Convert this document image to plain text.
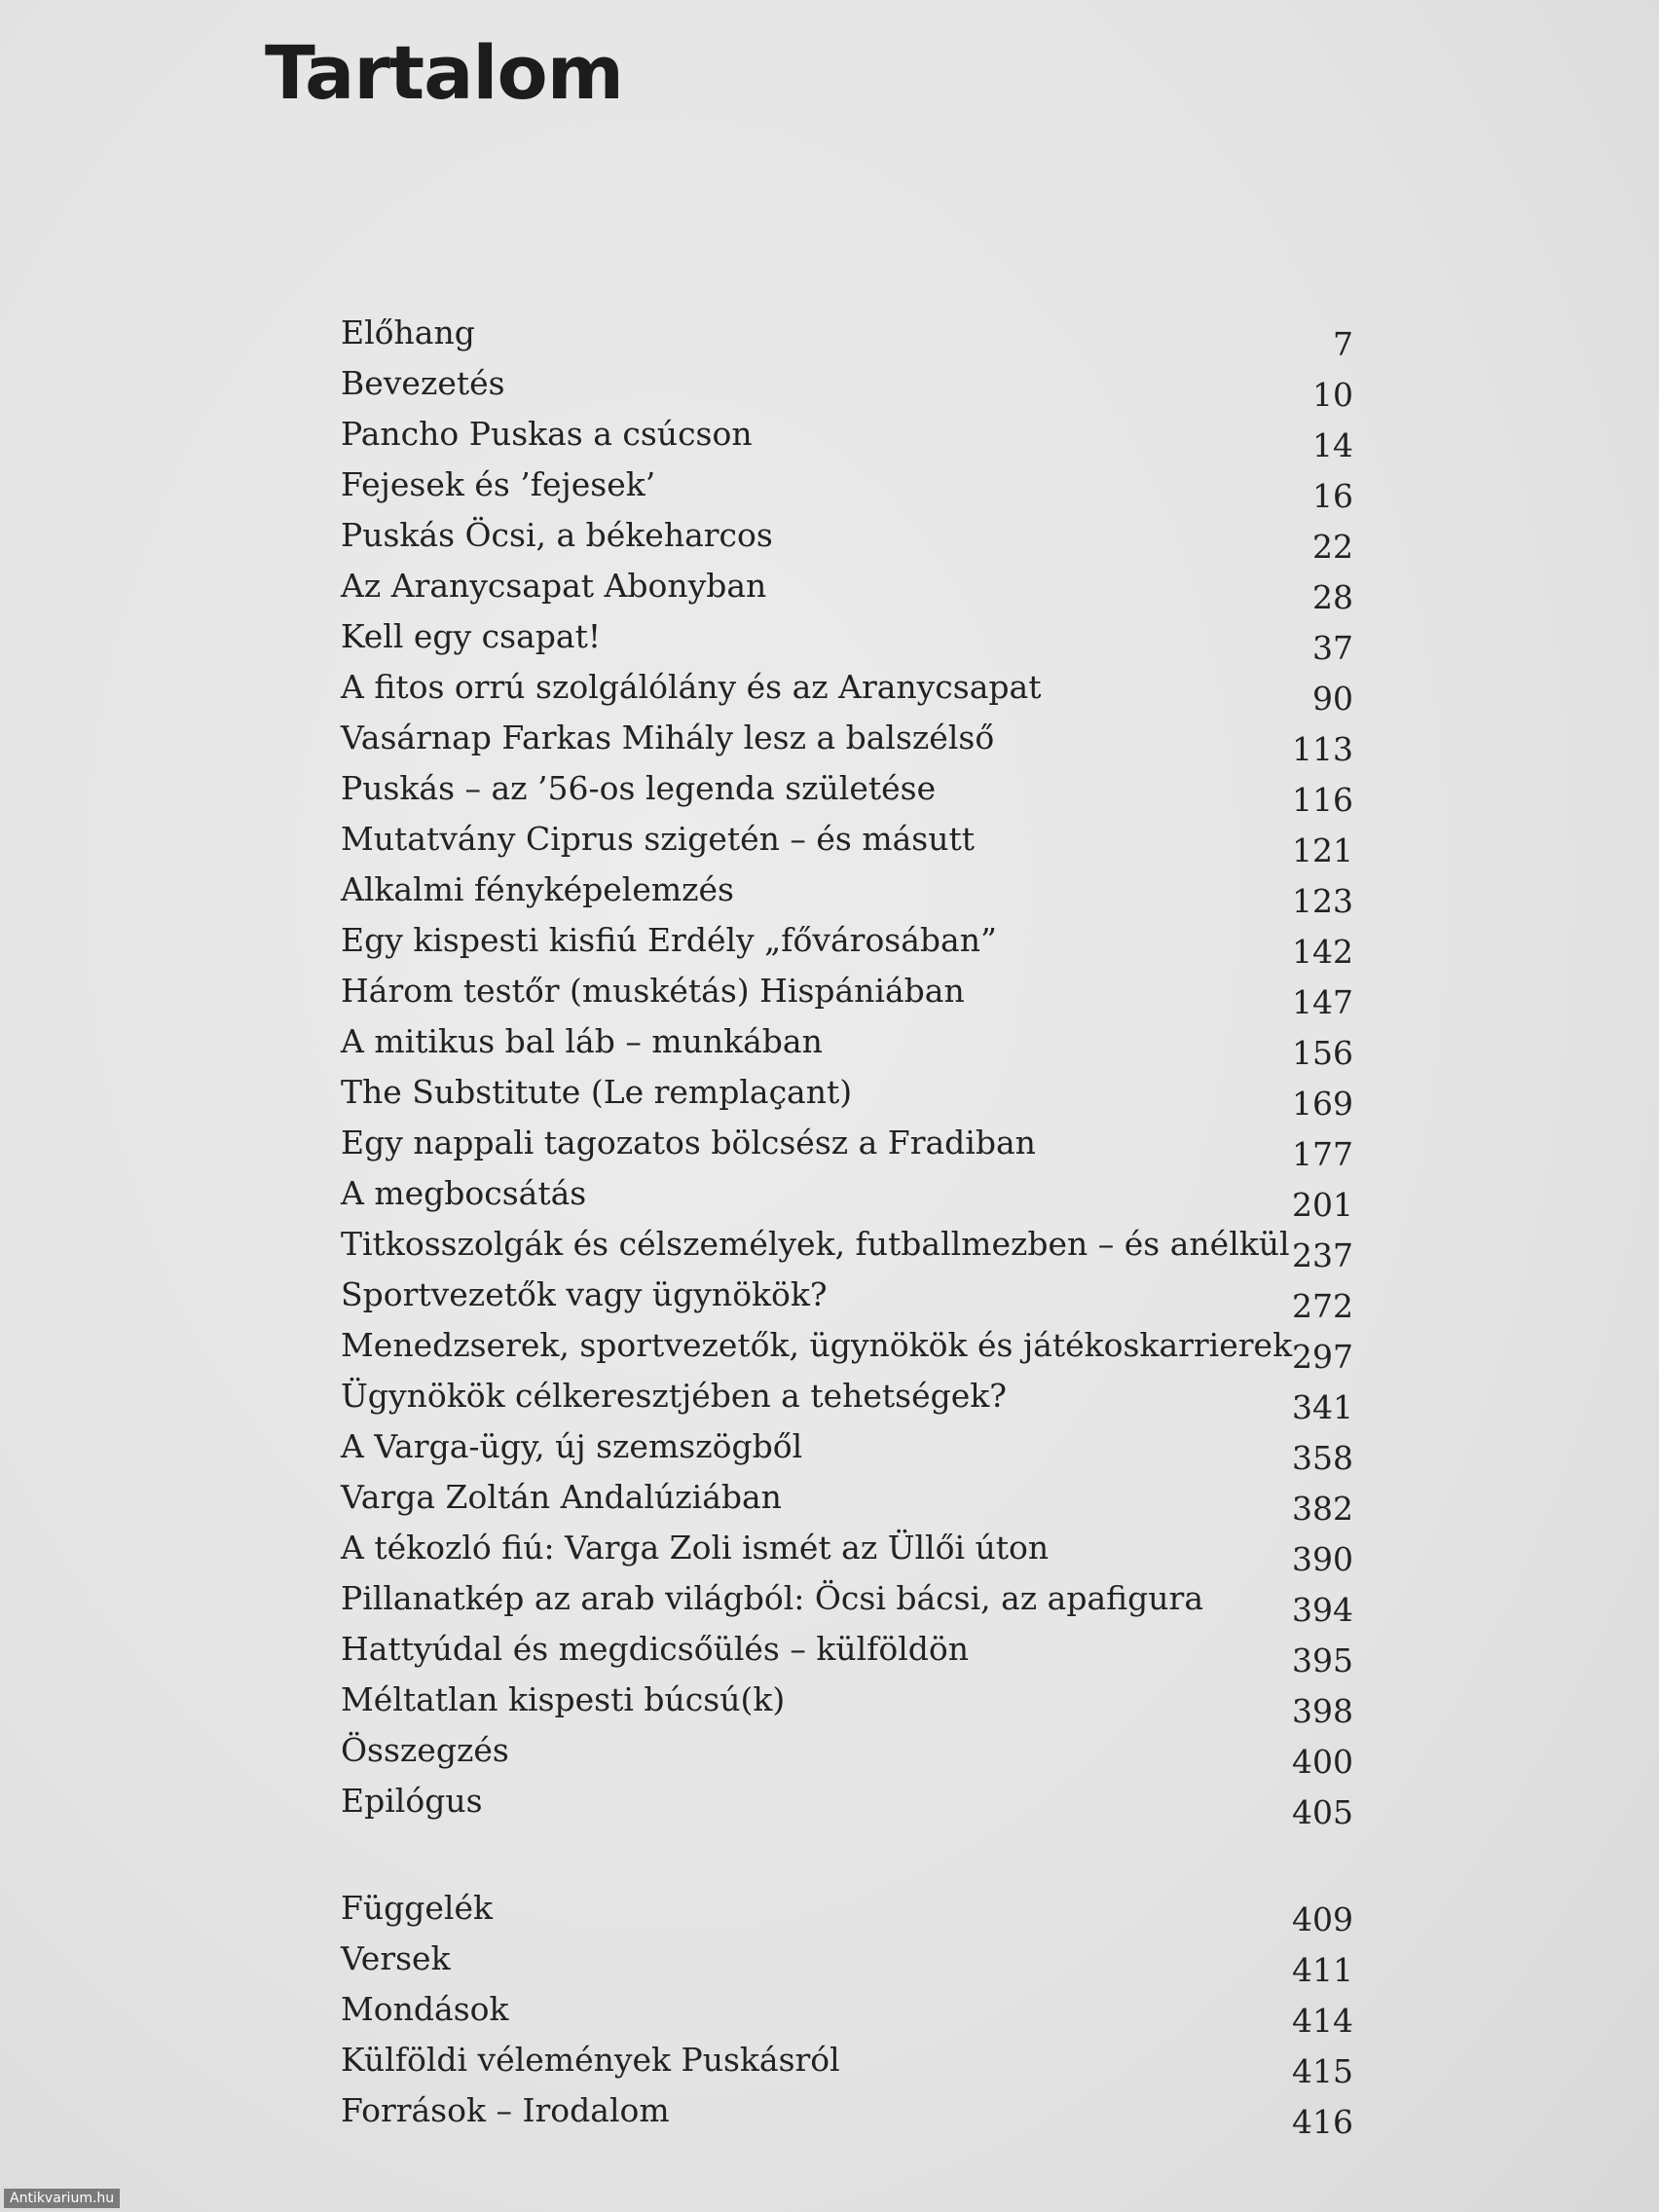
Tartalom
Előhang	7
Bevezetés	10
Pancho Puskas a csúcson	14
Fejesek és ’fejesek’	16
Puskás Öcsi, a békeharcos	22
Az Aranycsapat Abonyban	28
Kell egy csapat!	37
A fitos orrú szolgálólány és az Aranycsapat	90
Vasárnap Farkas Mihály lesz a balszélső	113
Puskás – az ’56-os legenda születése	116
Mutatvány Ciprus szigetén – és másutt	121
Alkalmi fényképelemzés	123
Egy kispesti kisfiú Erdély „fővárosában”	142
Három testőr (muskétás) Hispániában	147
A mitikus bal láb – munkában	156
The Substitute (Le remplaçant)	169
Egy nappali tagozatos bölcsész a Fradiban	177
A megbocsátás	201
Titkosszolgák és célszemélyek, futballmezben – és anélkül 237
Sportvezetők vagy ügynökök?	272
Menedzserek, sportvezetők, ügynökök és játékoskarrierek 297
Ügynökök célkeresztjében a tehetségek?	341
A Varga-ügy, új szemszögből	358
Varga Zoltán Andalúziában	382
A tékozló fiú: Varga Zoli ismét az Üllői úton	390
Pillanatkép az arab világból: Öcsi bácsi, az apafigura	394
Hattyúdal és megdicsőülés – külföldön	395
Méltatlan kispesti búcsú(k)	398
Összegzés	400
Epilógus	405
Függelék	409
Versek	411
Mondások	414
Külföldi vélemények Puskásról	415
Források – Irodalom	416
Antikvarium.hu
